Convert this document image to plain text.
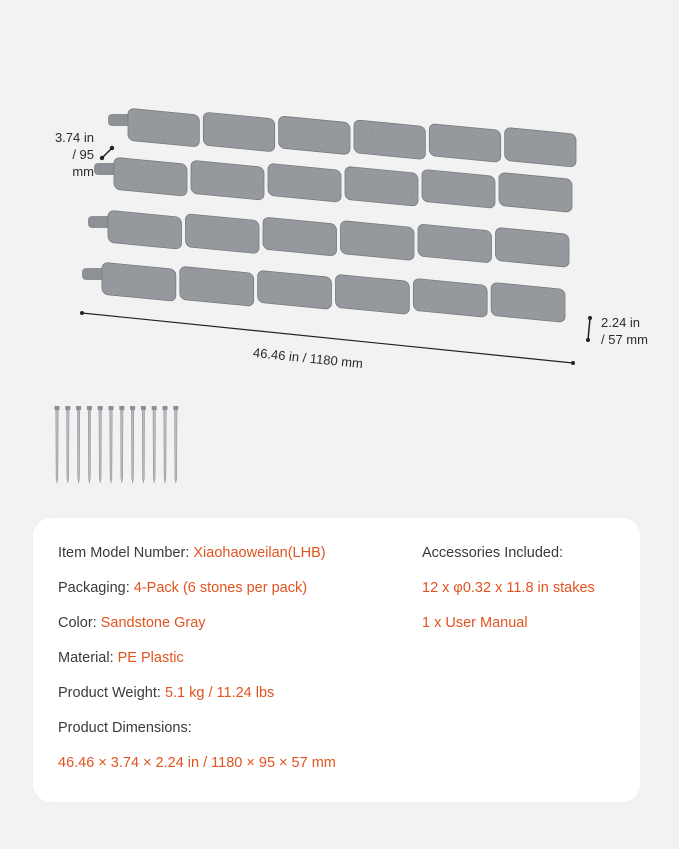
3.74 in
/ 95 mm
2.24 in
/ 57 mm
46.46 in / 1180 mm
Item Model Number: Xiaohaoweilan(LHB)
Packaging: 4-Pack (6 stones per pack)
Color: Sandstone Gray
Material: PE Plastic
Product Weight: 5.1 kg / 11.24 lbs
Product Dimensions:
46.46 × 3.74 × 2.24 in / 1180 × 95 × 57 mm
Accessories Included:
12 x φ0.32 x 11.8 in stakes
1 x User Manual
